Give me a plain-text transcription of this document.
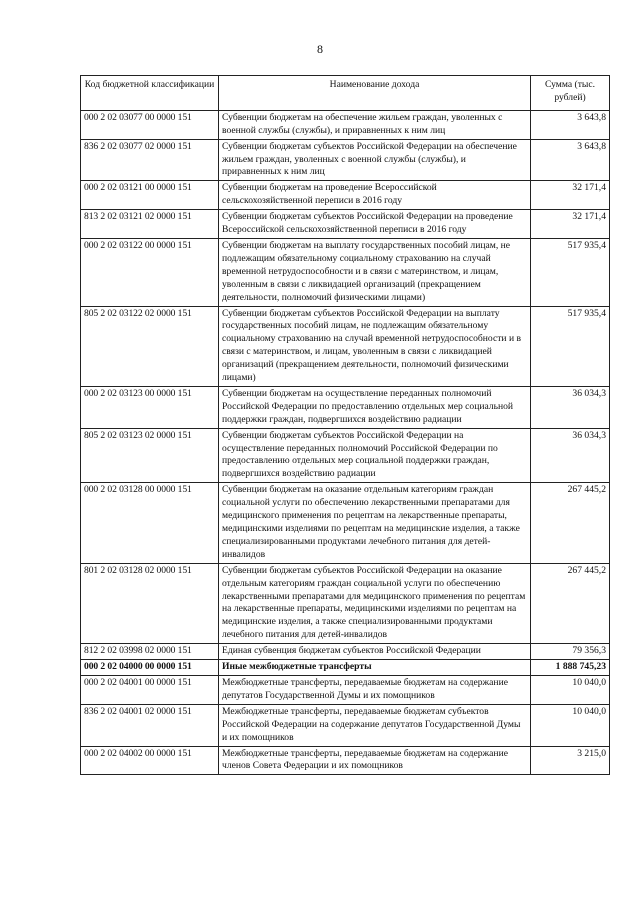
8
Код бюджетной классификации	Наименование дохода	Сумма (тыс. рублей)
000 2 02 03077 00 0000 151	Субвенции бюджетам на обеспечение жильем граждан, уволенных с военной службы (службы), и приравненных к ним лиц	3 643,8
836 2 02 03077 02 0000 151	Субвенции бюджетам субъектов Российской Федерации на обеспечение жильем граждан, уволенных с военной службы (службы), и приравненных к ним лиц	3 643,8
000 2 02 03121 00 0000 151	Субвенции бюджетам на проведение Всероссийской сельскохозяйственной переписи в 2016 году	32 171,4
813 2 02 03121 02 0000 151	Субвенции бюджетам субъектов Российской Федерации на проведение Всероссийской сельскохозяйственной переписи в 2016 году	32 171,4
000 2 02 03122 00 0000 151	Субвенции бюджетам на выплату государственных пособий лицам, не подлежащим обязательному социальному страхованию на случай временной нетрудоспособности и в связи с материнством, и лицам, уволенным в связи с ликвидацией организаций (прекращением деятельности, полномочий физическими лицами)	517 935,4
805 2 02 03122 02 0000 151	Субвенции бюджетам субъектов Российской Федерации на выплату государственных пособий лицам, не подлежащим обязательному социальному страхованию на случай временной нетрудоспособности и в связи с материнством, и лицам, уволенным в связи с ликвидацией организаций (прекращением деятельности, полномочий физическими лицами)	517 935,4
000 2 02 03123 00 0000 151	Субвенции бюджетам на осуществление переданных полномочий Российской Федерации по предоставлению отдельных мер социальной поддержки граждан, подвергшихся воздействию радиации	36 034,3
805 2 02 03123 02 0000 151	Субвенции бюджетам субъектов Российской Федерации на осуществление переданных полномочий Российской Федерации по предоставлению отдельных мер социальной поддержки граждан, подвергшихся воздействию радиации	36 034,3
000 2 02 03128 00 0000 151	Субвенции бюджетам на оказание отдельным категориям граждан социальной услуги по обеспечению лекарственными препаратами для медицинского применения по рецептам на лекарственные препараты, медицинскими изделиями по рецептам на медицинские изделия, а также специализированными продуктами лечебного питания для детей-инвалидов	267 445,2
801 2 02 03128 02 0000 151	Субвенции бюджетам субъектов Российской Федерации на оказание отдельным категориям граждан социальной услуги по обеспечению лекарственными препаратами для медицинского применения по рецептам на лекарственные препараты, медицинскими изделиями по рецептам на медицинские изделия, а также специализированными продуктами лечебного питания для детей-инвалидов	267 445,2
812 2 02 03998 02 0000 151	Единая субвенция бюджетам субъектов Российской Федерации	79 356,3
000 2 02 04000 00 0000 151	Иные межбюджетные трансферты	1 888 745,23
000 2 02 04001 00 0000 151	Межбюджетные трансферты, передаваемые бюджетам на содержание депутатов Государственной Думы и их помощников	10 040,0
836 2 02 04001 02 0000 151	Межбюджетные трансферты, передаваемые бюджетам субъектов Российской Федерации на содержание депутатов Государственной Думы и их помощников	10 040,0
000 2 02 04002 00 0000 151	Межбюджетные трансферты, передаваемые бюджетам на содержание членов Совета Федерации и их помощников	3 215,0
